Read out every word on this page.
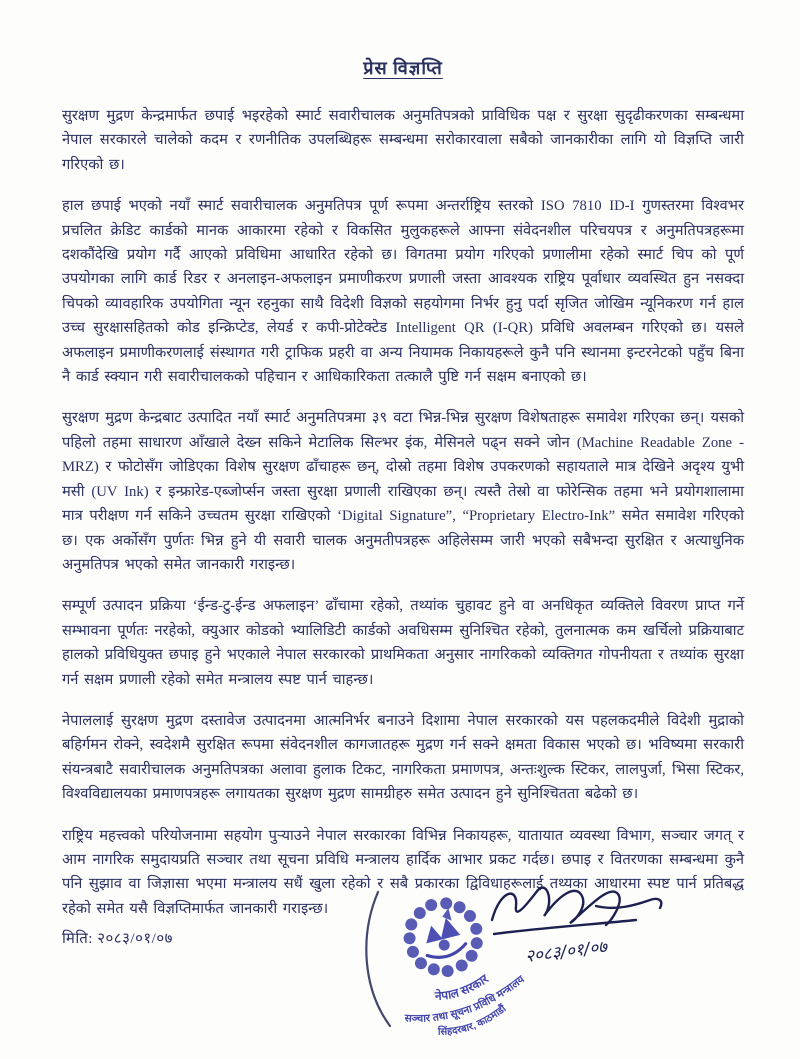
प्रेस विज्ञप्ति

सुरक्षण मुद्रण केन्द्रमार्फत छपाई भइरहेको स्मार्ट सवारीचालक अनुमतिपत्रको प्राविधिक पक्ष र सुरक्षा सुदृढीकरणका सम्बन्धमा नेपाल सरकारले चालेको कदम र रणनीतिक उपलब्धिहरू सम्बन्धमा सरोकारवाला सबैको जानकारीका लागि यो विज्ञप्ति जारी गरिएको छ।

हाल छपाई भएको नयाँ स्मार्ट सवारीचालक अनुमतिपत्र पूर्ण रूपमा अन्तर्राष्ट्रिय स्तरको ISO 7810 ID-I गुणस्तरमा विश्वभर प्रचलित क्रेडिट कार्डको मानक आकारमा रहेको र विकसित मुलुकहरूले आफ्ना संवेदनशील परिचयपत्र र अनुमतिपत्रहरूमा दशकौंदेखि प्रयोग गर्दै आएको प्रविधिमा आधारित रहेको छ। विगतमा प्रयोग गरिएको प्रणालीमा रहेको स्मार्ट चिप को पूर्ण उपयोगका लागि कार्ड रिडर र अनलाइन-अफलाइन प्रमाणीकरण प्रणाली जस्ता आवश्यक राष्ट्रिय पूर्वाधार व्यवस्थित हुन नसक्दा चिपको व्यावहारिक उपयोगिता न्यून रहनुका साथै विदेशी विज्ञको सहयोगमा निर्भर हुनु पर्दा सृजित जोखिम न्यूनिकरण गर्न हाल उच्च सुरक्षासहितको कोड इन्क्रिप्टेड, लेयर्ड र कपी-प्रोटेक्टेड Intelligent QR (I-QR) प्रविधि अवलम्बन गरिएको छ। यसले अफलाइन प्रमाणीकरणलाई संस्थागत गरी ट्राफिक प्रहरी वा अन्य नियामक निकायहरूले कुनै पनि स्थानमा इन्टरनेटको पहुँच बिना नै कार्ड स्क्यान गरी सवारीचालकको पहिचान र आधिकारिकता तत्कालै पुष्टि गर्न सक्षम बनाएको छ।

सुरक्षण मुद्रण केन्द्रबाट उत्पादित नयाँ स्मार्ट अनुमतिपत्रमा ३९ वटा भिन्न-भिन्न सुरक्षण विशेषताहरू समावेश गरिएका छन्। यसको पहिलो तहमा साधारण आँखाले देख्न सकिने मेटालिक सिल्भर इंक, मेसिनले पढ्न सक्ने जोन (Machine Readable Zone - MRZ) र फोटोसँग जोडिएका विशेष सुरक्षण ढाँचाहरू छन्, दोस्रो तहमा विशेष उपकरणको सहायताले मात्र देखिने अदृश्य युभी मसी (UV Ink) र इन्फ्रारेड-एब्जोर्प्सन जस्ता सुरक्षा प्रणाली राखिएका छन्। त्यस्तै तेस्रो वा फोरेन्सिक तहमा भने प्रयोगशालामा मात्र परीक्षण गर्न सकिने उच्चतम सुरक्षा राखिएको ‘Digital Signature”, “Proprietary Electro-Ink” समेत समावेश गरिएको छ। एक अर्कोसँग पुर्णतः भिन्न हुने यी सवारी चालक अनुमतीपत्रहरू अहिलेसम्म जारी भएको सबैभन्दा सुरक्षित र अत्याधुनिक अनुमतिपत्र भएको समेत जानकारी गराइन्छ।

सम्पूर्ण उत्पादन प्रक्रिया ‘ईन्ड-टु-ईन्ड अफलाइन’ ढाँचामा रहेको, तथ्यांक चुहावट हुने वा अनधिकृत व्यक्तिले विवरण प्राप्त गर्ने सम्भावना पूर्णतः नरहेको, क्युआर कोडको भ्यालिडिटी कार्डको अवधिसम्म सुनिश्चित रहेको, तुलनात्मक कम खर्चिलो प्रक्रियाबाट हालको प्रविधियुक्त छपाइ हुने भएकाले नेपाल सरकारको प्राथमिकता अनुसार नागरिकको व्यक्तिगत गोपनीयता र तथ्यांक सुरक्षा गर्न सक्षम प्रणाली रहेको समेत मन्त्रालय स्पष्ट पार्न चाहन्छ।

नेपाललाई सुरक्षण मुद्रण दस्तावेज उत्पादनमा आत्मनिर्भर बनाउने दिशामा नेपाल सरकारको यस पहलकदमीले विदेशी मुद्राको बहिर्गमन रोक्ने, स्वदेशमै सुरक्षित रूपमा संवेदनशील कागजातहरू मुद्रण गर्न सक्ने क्षमता विकास भएको छ। भविष्यमा सरकारी संयन्त्रबाटै सवारीचालक अनुमतिपत्रका अलावा हुलाक टिकट, नागरिकता प्रमाणपत्र, अन्तःशुल्क स्टिकर, लालपुर्जा, भिसा स्टिकर, विश्वविद्यालयका प्रमाणपत्रहरू लगायतका सुरक्षण मुद्रण सामग्रीहरु समेत उत्पादन हुने सुनिश्चितता बढेको छ।

राष्ट्रिय महत्त्वको परियोजनामा सहयोग पुऱ्याउने नेपाल सरकारका विभिन्न निकायहरू, यातायात व्यवस्था विभाग, सञ्चार जगत् र आम नागरिक समुदायप्रति सञ्चार तथा सूचना प्रविधि मन्त्रालय हार्दिक आभार प्रकट गर्दछ। छपाइ र वितरणका सम्बन्धमा कुनै पनि सुझाव वा जिज्ञासा भएमा मन्त्रालय सधैं खुला रहेको र सबै प्रकारका द्विविधाहरूलाई तथ्यका आधारमा स्पष्ट पार्न प्रतिबद्ध रहेको समेत यसै विज्ञप्तिमार्फत जानकारी गराइन्छ।

मिति: २०८३/०१/०७
नेपाल सरकार
सञ्चार तथा सूचना प्रविधि मन्त्रालय
सिंहदरबार, काठमाडौं
२०८३/०१/०७
